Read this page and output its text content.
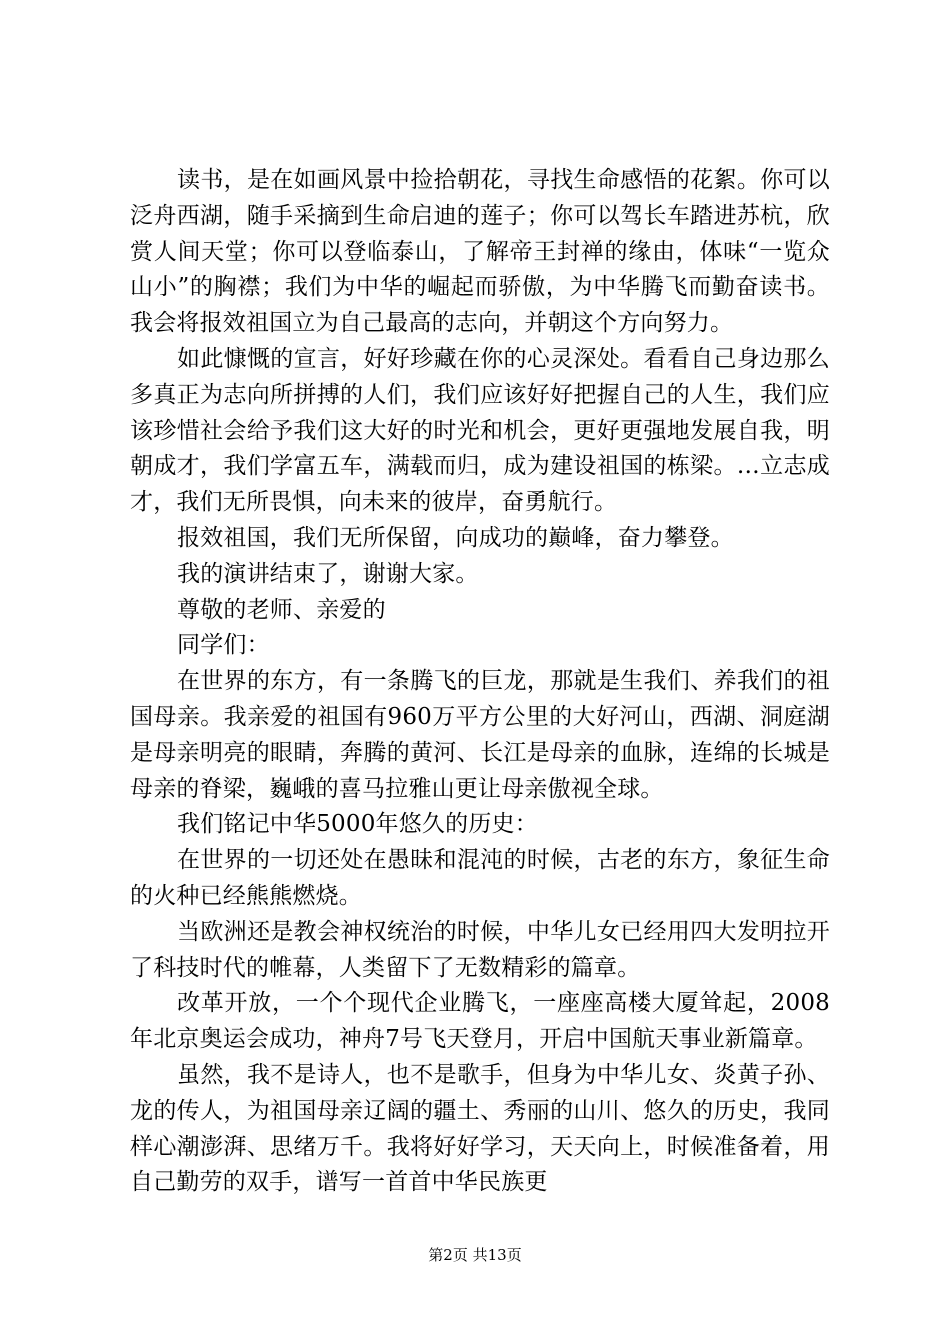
读书，是在如画风景中捡拾朝花，寻找生命感悟的花絮。你可以泛舟西湖，随手采摘到生命启迪的莲子；你可以驾长车踏进苏杭，欣赏人间天堂；你可以登临泰山，了解帝王封禅的缘由，体味“一览众山小”的胸襟；我们为中华的崛起而骄傲，为中华腾飞而勤奋读书。我会将报效祖国立为自己最高的志向，并朝这个方向努力。

如此慷慨的宣言，好好珍藏在你的心灵深处。看看自己身边那么多真正为志向所拼搏的人们，我们应该好好把握自己的人生，我们应该珍惜社会给予我们这大好的时光和机会，更好更强地发展自我，明朝成才，我们学富五车，满载而归，成为建设祖国的栋梁。…立志成才，我们无所畏惧，向未来的彼岸，奋勇航行。

报效祖国，我们无所保留，向成功的巅峰，奋力攀登。

我的演讲结束了，谢谢大家。

尊敬的老师、亲爱的

同学们：

在世界的东方，有一条腾飞的巨龙，那就是生我们、养我们的祖国母亲。我亲爱的祖国有960万平方公里的大好河山，西湖、洞庭湖是母亲明亮的眼睛，奔腾的黄河、长江是母亲的血脉，连绵的长城是母亲的脊梁，巍峨的喜马拉雅山更让母亲傲视全球。

我们铭记中华5000年悠久的历史：

在世界的一切还处在愚昧和混沌的时候，古老的东方，象征生命的火种已经熊熊燃烧。

当欧洲还是教会神权统治的时候，中华儿女已经用四大发明拉开了科技时代的帷幕，人类留下了无数精彩的篇章。

改革开放，一个个现代企业腾飞，一座座高楼大厦耸起，2008年北京奥运会成功，神舟7号飞天登月，开启中国航天事业新篇章。

虽然，我不是诗人，也不是歌手，但身为中华儿女、炎黄子孙、龙的传人，为祖国母亲辽阔的疆土、秀丽的山川、悠久的历史，我同样心潮澎湃、思绪万千。我将好好学习，天天向上，时候准备着，用自己勤劳的双手，谱写一首首中华民族更

第2页 共13页
